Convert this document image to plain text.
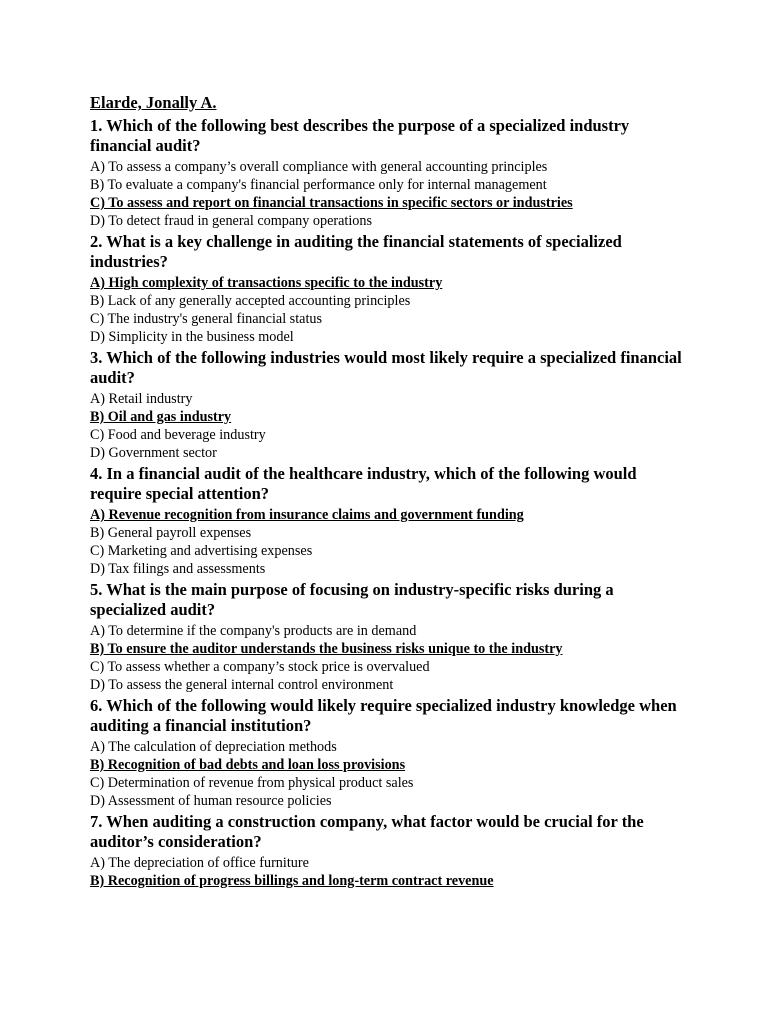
Elarde, Jonally A.
1. Which of the following best describes the purpose of a specialized industry financial audit?
A) To assess a company’s overall compliance with general accounting principles
B) To evaluate a company's financial performance only for internal management
C) To assess and report on financial transactions in specific sectors or industries
D) To detect fraud in general company operations
2. What is a key challenge in auditing the financial statements of specialized industries?
A) High complexity of transactions specific to the industry
B) Lack of any generally accepted accounting principles
C) The industry's general financial status
D) Simplicity in the business model
3. Which of the following industries would most likely require a specialized financial audit?
A) Retail industry
B) Oil and gas industry
C) Food and beverage industry
D) Government sector
4. In a financial audit of the healthcare industry, which of the following would require special attention?
A) Revenue recognition from insurance claims and government funding
B) General payroll expenses
C) Marketing and advertising expenses
D) Tax filings and assessments
5. What is the main purpose of focusing on industry-specific risks during a specialized audit?
A) To determine if the company's products are in demand
B) To ensure the auditor understands the business risks unique to the industry
C) To assess whether a company’s stock price is overvalued
D) To assess the general internal control environment
6. Which of the following would likely require specialized industry knowledge when auditing a financial institution?
A) The calculation of depreciation methods
B) Recognition of bad debts and loan loss provisions
C) Determination of revenue from physical product sales
D) Assessment of human resource policies
7. When auditing a construction company, what factor would be crucial for the auditor’s consideration?
A) The depreciation of office furniture
B) Recognition of progress billings and long-term contract revenue
